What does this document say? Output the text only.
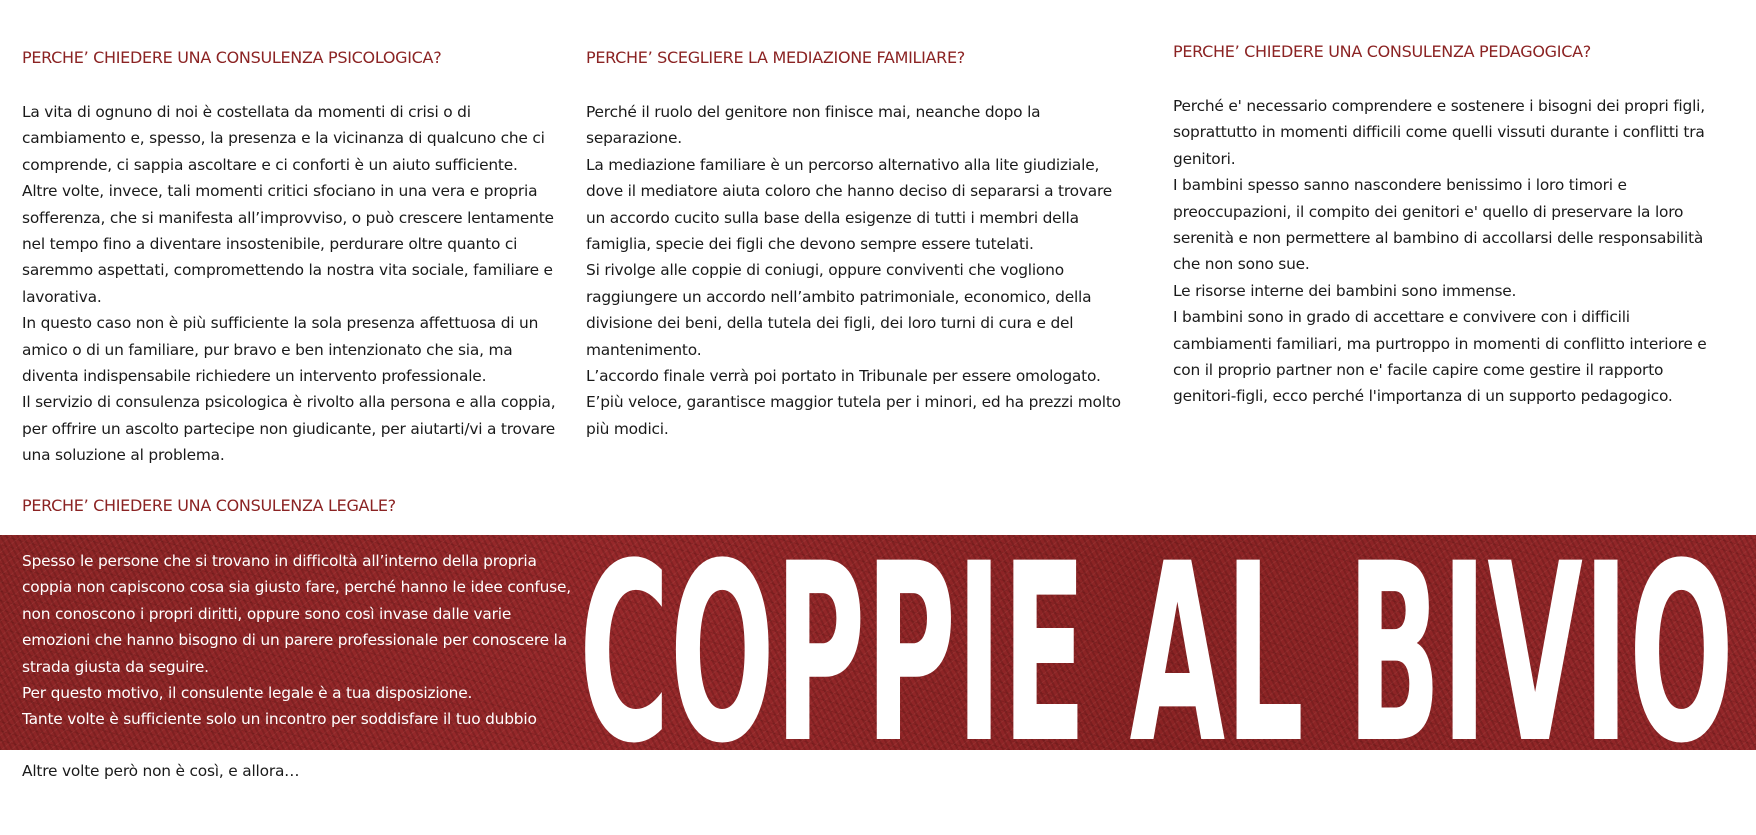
PERCHE’ CHIEDERE UNA CONSULENZA PSICOLOGICA?

La vita di ognuno di noi è costellata da momenti di crisi o di cambiamento e, spesso, la presenza e la vicinanza di qualcuno che ci comprende, ci sappia ascoltare e ci conforti è un aiuto sufficiente.

Altre volte, invece, tali momenti critici sfociano in una vera e propria sofferenza, che si manifesta all’improvviso, o può crescere lentamente nel tempo fino a diventare insostenibile, perdurare oltre quanto ci saremmo aspettati, compromettendo la nostra vita sociale, familiare e lavorativa.

In questo caso non è più sufficiente la sola presenza affettuosa di un amico o di un familiare, pur bravo e ben intenzionato che sia, ma diventa indispensabile richiedere un intervento professionale.

Il servizio di consulenza psicologica è rivolto alla persona e alla coppia, per offrire un ascolto partecipe non giudicante, per aiutarti/vi a trovare una soluzione al problema.

PERCHE’ SCEGLIERE LA MEDIAZIONE FAMILIARE?

Perché il ruolo del genitore non finisce mai, neanche dopo la separazione.

La mediazione familiare è un percorso alternativo alla lite giudiziale, dove il mediatore aiuta coloro che hanno deciso di separarsi a trovare un accordo cucito sulla base della esigenze di tutti i membri della famiglia, specie dei figli che devono sempre essere tutelati.

Si rivolge alle coppie di coniugi, oppure conviventi che vogliono raggiungere un accordo nell’ambito patrimoniale, economico, della divisione dei beni, della tutela dei figli, dei loro turni di cura e del mantenimento.

L’accordo finale verrà poi portato in Tribunale per essere omologato.

E’più veloce, garantisce maggior tutela per i minori, ed ha prezzi molto più modici.

PERCHE’ CHIEDERE UNA CONSULENZA PEDAGOGICA?

Perché e' necessario comprendere e sostenere i bisogni dei propri figli, soprattutto in momenti difficili come quelli vissuti durante i conflitti tra genitori.

I bambini spesso sanno nascondere benissimo i loro timori e preoccupazioni, il compito dei genitori e' quello di preservare la loro serenità e non permettere al bambino di accollarsi delle responsabilità che non sono sue.

Le risorse interne dei bambini sono immense.

I bambini sono in grado di accettare e convivere con i difficili cambiamenti familiari, ma purtroppo in momenti di conflitto interiore e con il proprio partner non e' facile capire come gestire il rapporto genitori-figli, ecco perché l'importanza di un supporto pedagogico.

PERCHE’ CHIEDERE UNA CONSULENZA LEGALE?

Spesso le persone che si trovano in difficoltà all’interno della propria coppia non capiscono cosa sia giusto fare, perché hanno le idee confuse, non conoscono i propri diritti, oppure sono così invase dalle varie emozioni che hanno bisogno di un parere professionale per conoscere la strada giusta da seguire.

Per questo motivo, il consulente legale è a tua disposizione.

Tante volte è sufficiente solo un incontro per soddisfare il tuo dubbio COPPIE AL BIVIO

Altre volte però non è così, e allora…
